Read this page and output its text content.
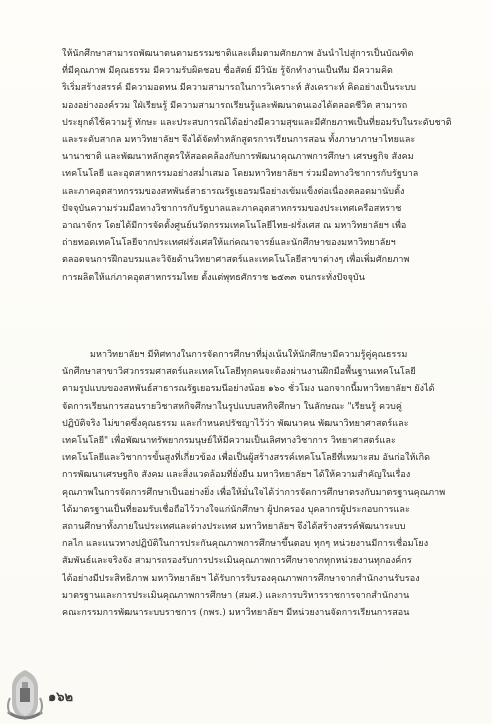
ให้นักศึกษาสามารถพัฒนาตนตามธรรมชาติและเต็มตามศักยภาพ อันนำไปสู่การเป็นบัณฑิต
ที่มีคุณภาพ มีคุณธรรม มีความรับผิดชอบ ซื่อสัตย์ มีวินัย รู้จักทำงานเป็นทีม มีความคิด
ริเริ่มสร้างสรรค์ มีความอดทน มีความสามารถในการวิเคราะห์ สังเคราะห์ คิดอย่างเป็นระบบ
มองอย่างองค์รวม ใฝ่เรียนรู้ มีความสามารถเรียนรู้และพัฒนาตนเองได้ตลอดชีวิต สามารถ
ประยุกต์ใช้ความรู้ ทักษะ และประสบการณ์ได้อย่างมีความสุขและมีศักยภาพเป็นที่ยอมรับในระดับชาติ
และระดับสากล มหาวิทยาลัยฯ จึงได้จัดทำหลักสูตรการเรียนการสอน ทั้งภาษาภาษาไทยและ
นานาชาติ และพัฒนาหลักสูตรให้สอดคล้องกับการพัฒนาคุณภาพการศึกษา เศรษฐกิจ สังคม
เทคโนโลยี และอุตสาหกรรมอย่างสม่ำเสมอ โดยมหาวิทยาลัยฯ ร่วมมือทางวิชาการกับรัฐบาล
และภาคอุตสาหกรรมของสหพันธ์สาธารณรัฐเยอรมนีอย่างเข้มแข็งต่อเนื่องตลอดมานับตั้ง
ปัจจุบันความร่วมมือทางวิชาการกับรัฐบาลและภาคอุตสาหกรรมของประเทศเครือสหราช
อาณาจักร โดยได้มีการจัดตั้งศูนย์นวัตกรรมเทคโนโลยีไทย-ฝรั่งเศส ณ มหาวิทยาลัยฯ เพื่อ
ถ่ายทอดเทคโนโลยีจากประเทศฝรั่งเศสให้แก่คณาจารย์และนักศึกษาของมหาวิทยาลัยฯ
ตลอดจนการฝึกอบรมและวิจัยด้านวิทยาศาสตร์และเทคโนโลยีสาขาต่างๆ เพื่อเพิ่มศักยภาพ
การผลิตให้แก่ภาคอุตสาหกรรมไทย ตั้งแต่พุทธศักราช ๒๕๓๓ จนกระทั่งปัจจุบัน
มหาวิทยาลัยฯ มีทิศทางในการจัดการศึกษาที่มุ่งเน้นให้นักศึกษามีความรู้คู่คุณธรรม
นักศึกษาสาขาวิศวกรรมศาสตร์และเทคโนโลยีทุกคนจะต้องผ่านงานฝึกมือพื้นฐานเทคโนโลยี
ตามรูปแบบของสหพันธ์สาธารณรัฐเยอรมนีอย่างน้อย ๑๖๐ ชั่วโมง นอกจากนี้มหาวิทยาลัยฯ ยังได้
จัดการเรียนการสอนรายวิชาสหกิจศึกษาในรูปแบบสหกิจศึกษา ในลักษณะ "เรียนรู้ ควบคู่
ปฏิบัติจริง ไม่ขาดซึ่งคุณธรรม และกำหนดปรัชญาไว้ว่า พัฒนาคน พัฒนาวิทยาศาสตร์และ
เทคโนโลยี" เพื่อพัฒนาทรัพยากรมนุษย์ให้มีความเป็นเลิศทางวิชาการ วิทยาศาสตร์และ
เทคโนโลยีและวิชาการขั้นสูงที่เกี่ยวข้อง เพื่อเป็นผู้สร้างสรรค์เทคโนโลยีที่เหมาะสม อันก่อให้เกิด
การพัฒนาเศรษฐกิจ สังคม และสิ่งแวดล้อมที่ยั่งยืน มหาวิทยาลัยฯ ได้ให้ความสำคัญในเรื่อง
คุณภาพในการจัดการศึกษาเป็นอย่างยิ่ง เพื่อให้มั่นใจได้ว่าการจัดการศึกษาตรงกับมาตรฐานคุณภาพ
ได้มาตรฐานเป็นที่ยอมรับเชื่อถือไว้วางใจแก่นักศึกษา ผู้ปกครอง บุคลากรผู้ประกอบการและ
สถานศึกษาทั้งภายในประเทศและต่างประเทศ มหาวิทยาลัยฯ จึงได้สร้างสรรค์พัฒนาระบบ
กลไก และแนวทางปฏิบัติในการประกันคุณภาพการศึกษาขึ้นตอบ ทุกๆ หน่วยงานมีการเชื่อมโยง
สัมพันธ์และจริงจัง สามารถรองรับการประเมินคุณภาพการศึกษาจากทุกหน่วยงานทุกองค์กร
ได้อย่างมีประสิทธิภาพ มหาวิทยาลัยฯ ได้รับการรับรองคุณภาพการศึกษาจากสำนักงานรับรอง
มาตรฐานและการประเมินคุณภาพการศึกษา (สมศ.) และการบริหารราชการจากสำนักงาน
คณะกรรมการพัฒนาระบบราชการ (กพร.) มหาวิทยาลัยฯ มีหน่วยงานจัดการเรียนการสอน
๑๖๒
